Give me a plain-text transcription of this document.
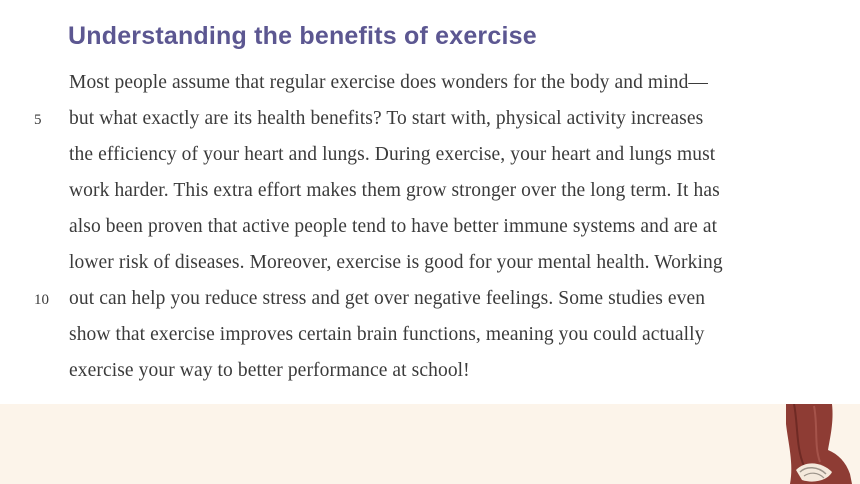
Understanding the benefits of exercise
Most people assume that regular exercise does wonders for the body and mind—
5 but what exactly are its health benefits? To start with, physical activity increases
the efficiency of your heart and lungs. During exercise, your heart and lungs must
work harder. This extra effort makes them grow stronger over the long term. It has
also been proven that active people tend to have better immune systems and are at
lower risk of diseases. Moreover, exercise is good for your mental health. Working
10 out can help you reduce stress and get over negative feelings. Some studies even
show that exercise improves certain brain functions, meaning you could actually
exercise your way to better performance at school!
